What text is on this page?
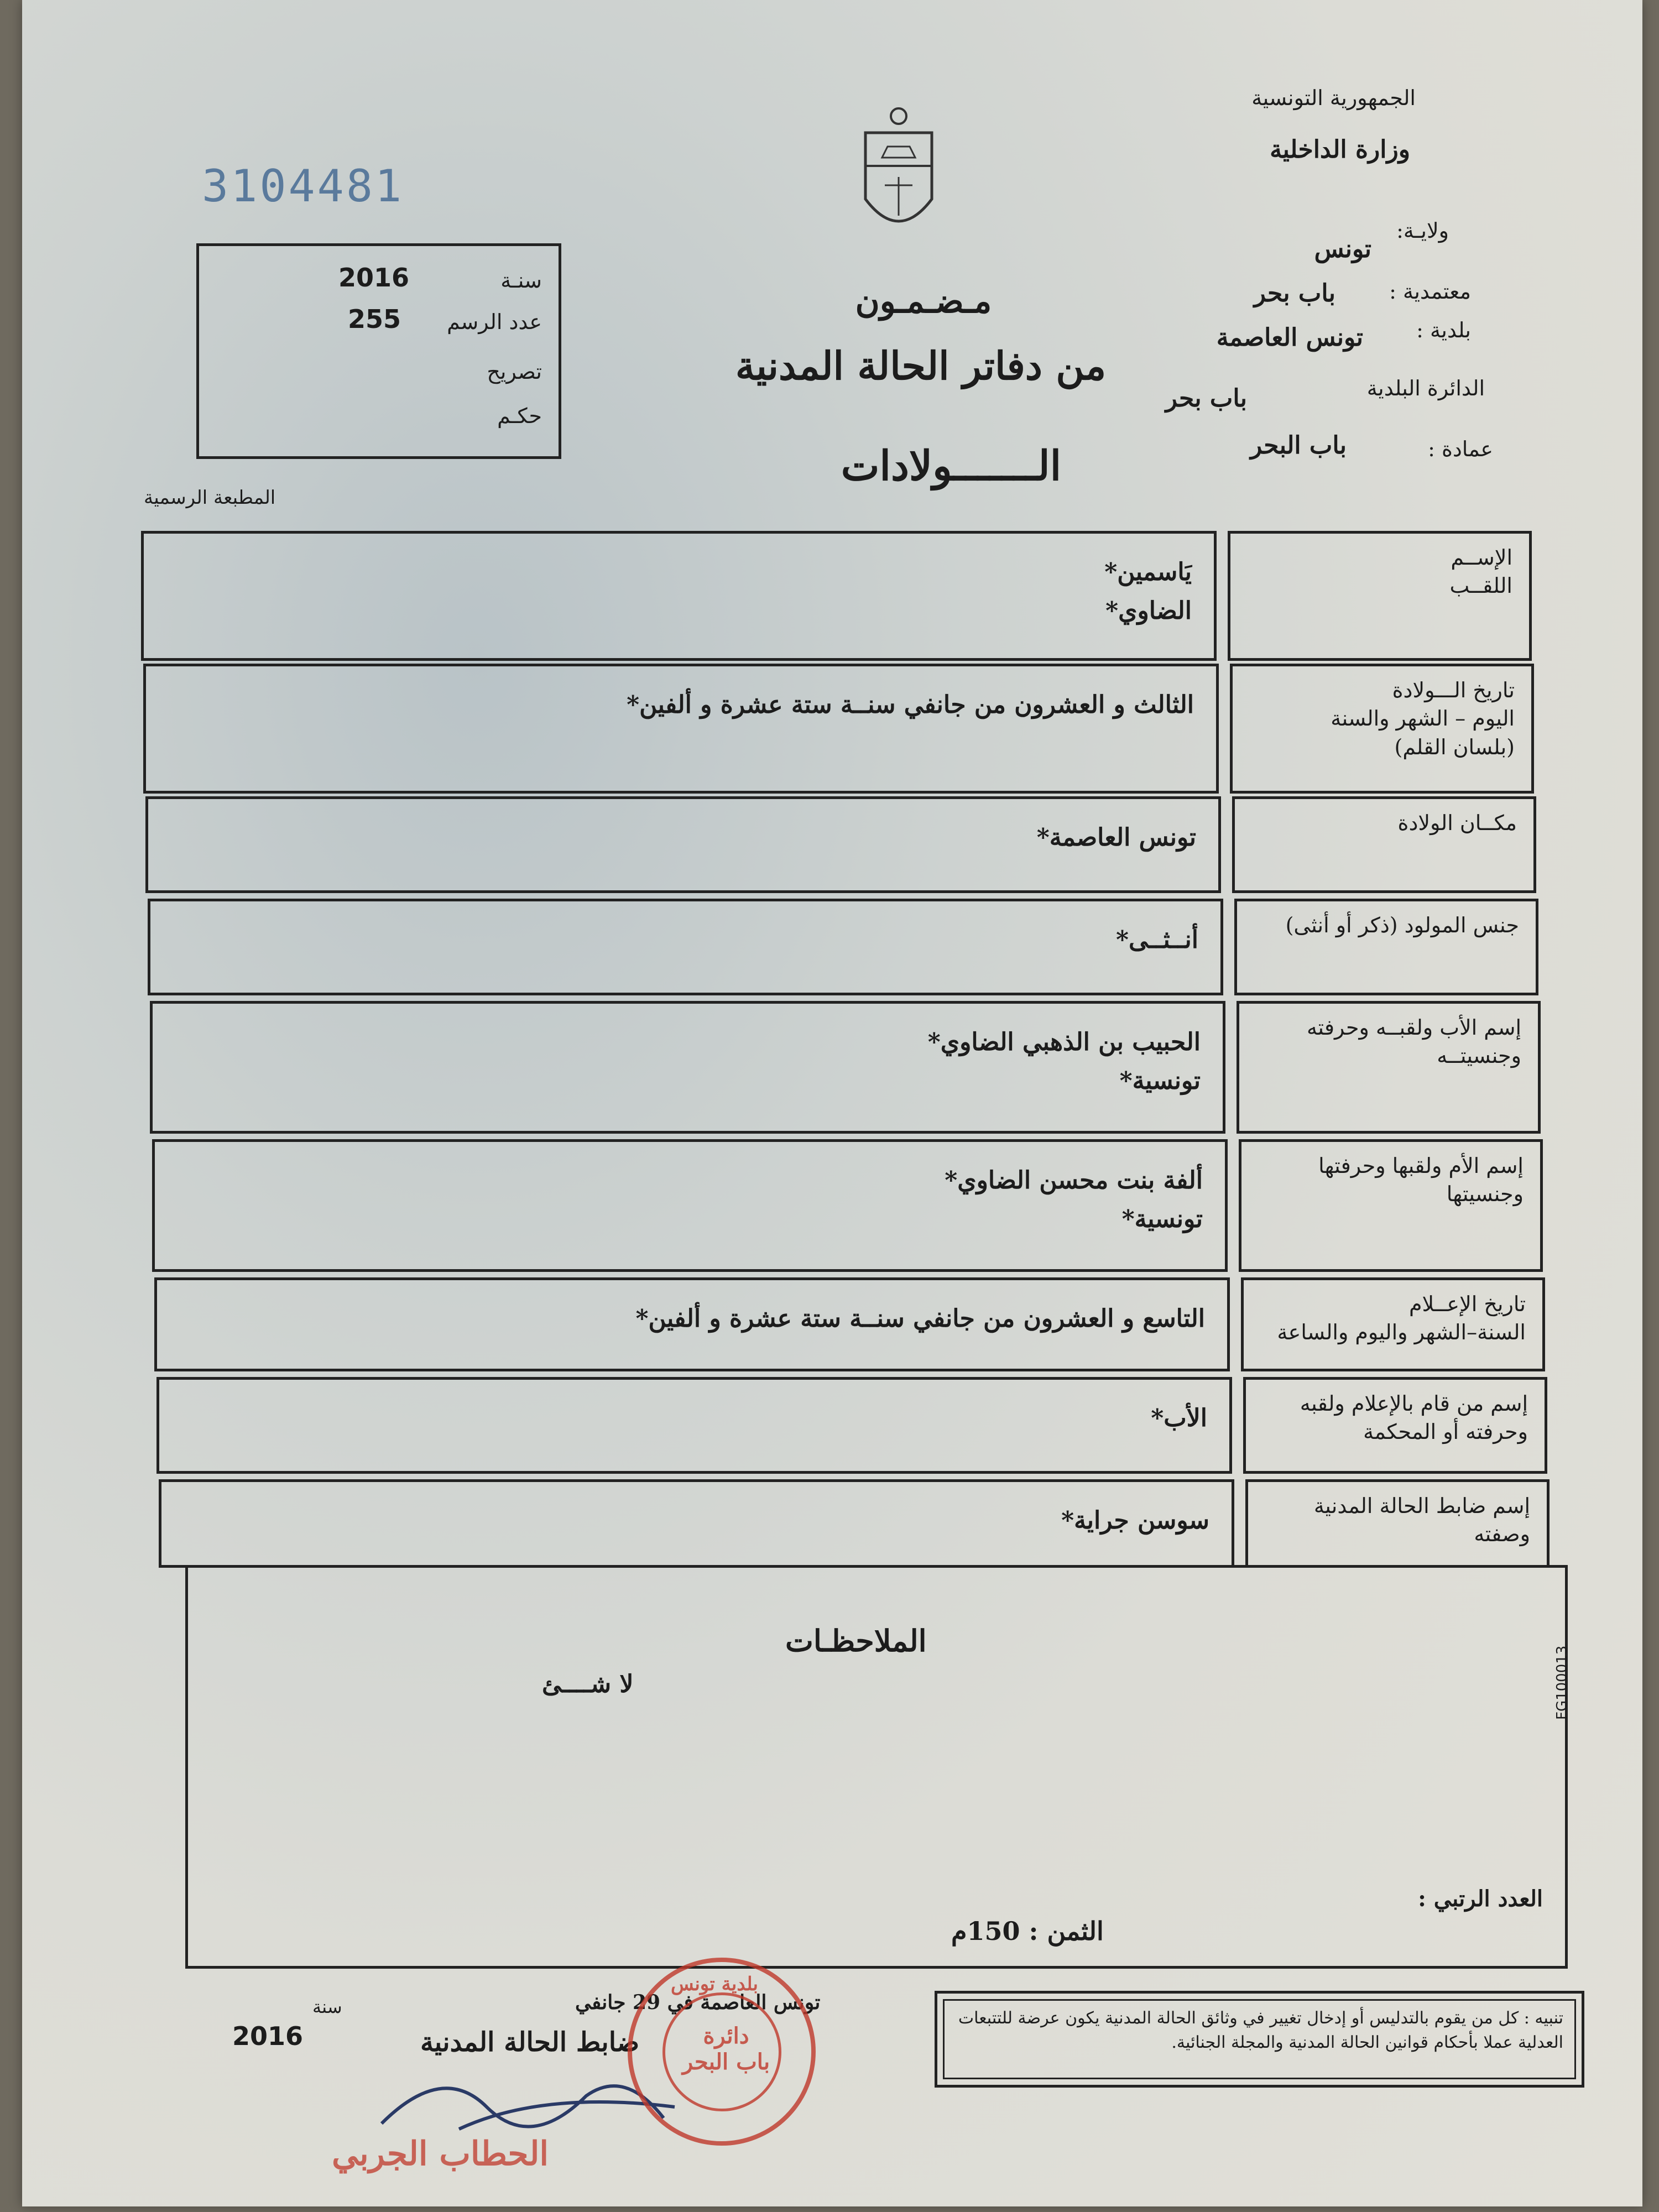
3104481
الجمهورية التونسية
وزارة الداخلية
ولايـة:
تونس
معتمدية :
باب بحر
بلدية :
تونس العاصمة
الدائرة البلدية
باب بحر
عمادة :
باب البحر
سنـة
2016
عدد الرسم
255
تصريح
حكـم
مـضـمـون
من دفاتر الحالة المدنية
الـــــــولادات
المطبعة الرسمية
الإســم
اللقــب
يَاسمين*
الضاوي*
تاريخ الـــولادة
اليوم – الشهر والسنة
(بلسان القلم)
الثالث و العشرون من جانفي سنــة ستة عشرة و ألفين*
مكــان الولادة
تونس العاصمة*
جنس المولود (ذكر أو أنثى)
أنــثــى*
إسم الأب ولقبــه وحرفته
وجنسيتــه
الحبيب بن الذهبي الضاوي*
تونسية*
إسم الأم ولقبها وحرفتها
وجنسيتها
ألفة بنت محسن الضاوي*
تونسية*
تاريخ الإعــلام
السنة–الشهر واليوم والساعة
التاسع و العشرون من جانفي سنــة ستة عشرة و ألفين*
إسم من قام بالإعلام ولقبه
وحرفته أو المحكمة
الأب*
إسم ضابط الحالة المدنية
وصفته
سوسن جراية*
الملاحظـات
لا شــــئ	FG100013
العدد الرتبي :
الثمن : 150م
تونس العاصمة في 29 جانفي
سنة
2016	ضابط الحالة المدنية
الحطاب الجربي
بلدية تونس
دائرة
باب البحر
تنبيه : كل من يقوم بالتدليس أو إدخال تغيير في وثائق الحالة المدنية يكون عرضة للتتبعات العدلية عملا بأحكام قوانين الحالة المدنية والمجلة الجنائية.
